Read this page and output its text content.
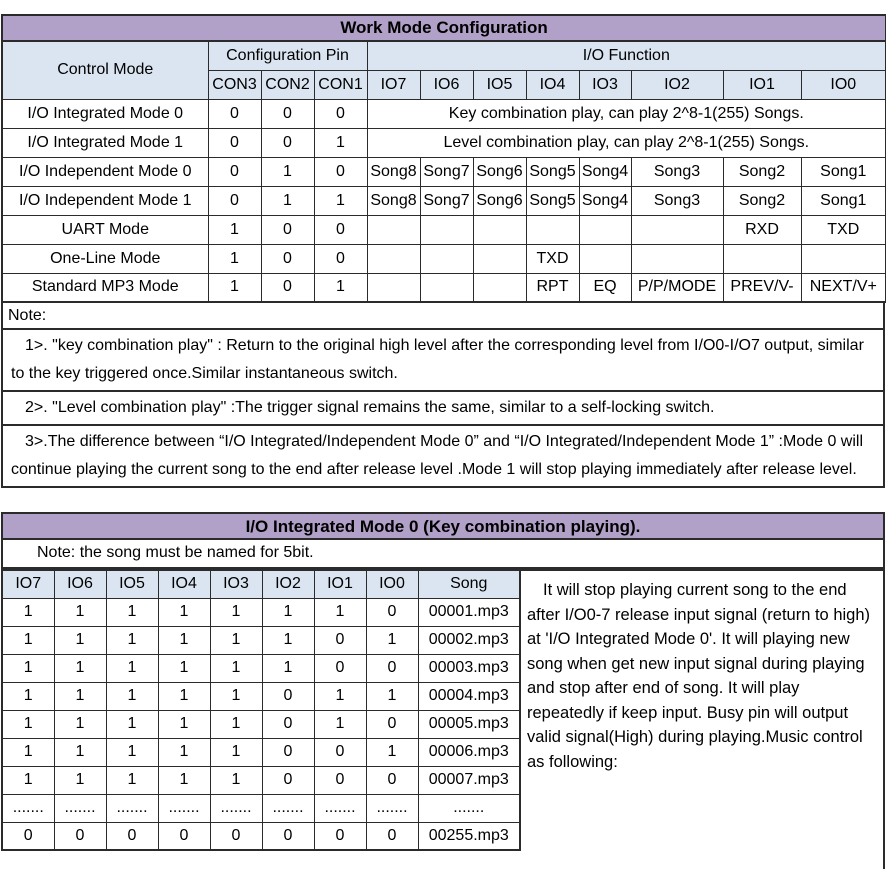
Work Mode Configuration											
Control Mode	Configuration Pin			I/O Function							
	CON3	CON2	CON1	IO7	IO6	IO5	IO4	IO3	IO2	IO1	IO0
I/O Integrated Mode 0	0	0	0	Key combination play, can play 2^8-1(255) Songs.							
I/O Integrated Mode 1	0	0	1	Level combination play, can play 2^8-1(255) Songs.							
I/O Independent Mode 0	0	1	0	Song8	Song7	Song6	Song5	Song4	Song3	Song2	Song1
I/O Independent Mode 1	0	1	1	Song8	Song7	Song6	Song5	Song4	Song3	Song2	Song1
UART Mode	1	0	0							RXD	TXD
One-Line Mode	1	0	0				TXD				
Standard MP3 Mode	1	0	1				RPT	EQ	P/P/MODE	PREV/V-	NEXT/V+
Note:
1>. "key combination play" : Return to the original high level after the corresponding level from I/O0-I/O7 output, similar to the key triggered once.Similar instantaneous switch.
2>. "Level combination play" :The trigger signal remains the same, similar to a self-locking switch.
3>.The difference between “I/O Integrated/Independent Mode 0” and “I/O Integrated/Independent Mode 1” :Mode 0 will continue playing the current song to the end after release level .Mode 1 will stop playing immediately after release level.
I/O Integrated Mode 0 (Key combination playing).
Note: the song must be named for 5bit.
IO7	IO6	IO5	IO4	IO3	IO2	IO1	IO0	Song
1	1	1	1	1	1	1	0	00001.mp3
1	1	1	1	1	1	0	1	00002.mp3
1	1	1	1	1	1	0	0	00003.mp3
1	1	1	1	1	0	1	1	00004.mp3
1	1	1	1	1	0	1	0	00005.mp3
1	1	1	1	1	0	0	1	00006.mp3
1	1	1	1	1	0	0	0	00007.mp3
.......	.......	.......	.......	.......	.......	.......	.......	.......
0	0	0	0	0	0	0	0	00255.mp3
It will stop playing current song to the end after I/O0-7 release input signal (return to high) at 'I/O Integrated Mode 0'. It will playing new song when get new input signal during playing and stop after end of song. It will play repeatedly if keep input. Busy pin will output valid signal(High) during playing.Music control as following:
